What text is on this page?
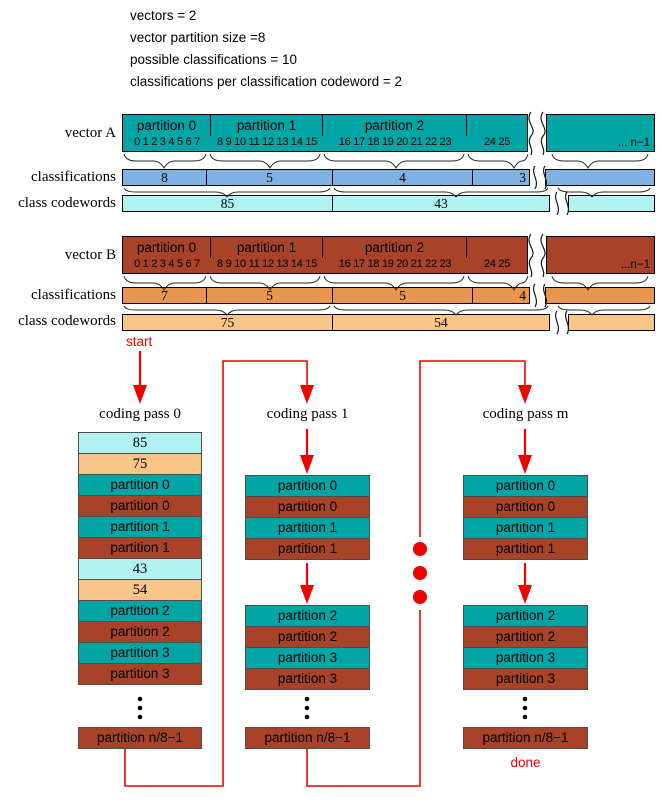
vectors = 2
vector partition size =8
possible classifications = 10
classifications per classification codeword = 2
vector A	partition 0	partition 1	partition 2
0 1 2 3 4 5 6 7	8 9 10 11 12 13 14 15	16 17 18 19 20 21 22 23	24 25	... n−1
classifications	8	5	4	3
class codewords	85	43
vector B	partition 0	partition 1	partition 2
0 1 2 3 4 5 6 7	8 9 10 11 12 13 14 15	16 17 18 19 20 21 22 23	24 25	...n−1
classifications	7	5	5	4
class codewords	75	54
start
coding pass 0
85
75
partition 0
partition 0
partition 1
partition 1
43
54
partition 2
partition 2
partition 3
partition 3
partition n/8−1
coding pass 1
partition 0
partition 0
partition 1
partition 1
partition 2
partition 2
partition 3
partition 3
partition n/8−1
coding pass m
partition 0
partition 0
partition 1
partition 1
partition 2
partition 2
partition 3
partition 3
partition n/8−1
done
